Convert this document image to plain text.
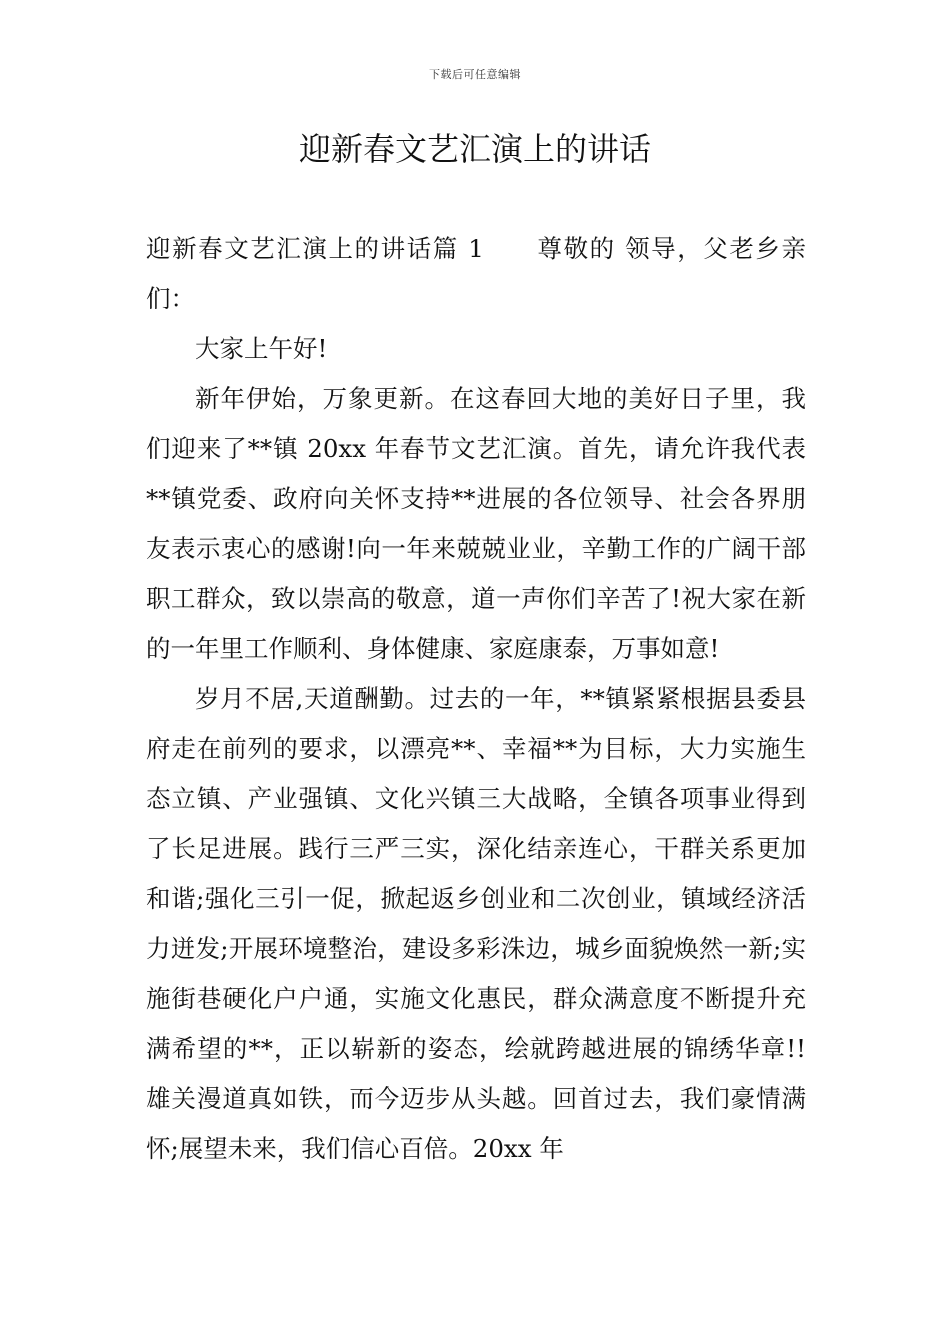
下载后可任意编辑
迎新春文艺汇演上的讲话

迎新春文艺汇演上的讲话篇 1　　尊敬的 领导，父老乡亲们：

大家上午好!

新年伊始，万象更新。在这春回大地的美好日子里，我们迎来了**镇 20xx 年春节文艺汇演。首先，请允许我代表**镇党委、政府向关怀支持**进展的各位领导、社会各界朋友表示衷心的感谢!向一年来兢兢业业，辛勤工作的广阔干部职工群众，致以崇高的敬意，道一声你们辛苦了!祝大家在新的一年里工作顺利、身体健康、家庭康泰，万事如意!

岁月不居,天道酬勤。过去的一年，**镇紧紧根据县委县府走在前列的要求，以漂亮**、幸福**为目标，大力实施生态立镇、产业强镇、文化兴镇三大战略，全镇各项事业得到了长足进展。践行三严三实，深化结亲连心，干群关系更加和谐;强化三引一促，掀起返乡创业和二次创业，镇域经济活力迸发;开展环境整治，建设多彩洙边，城乡面貌焕然一新;实施街巷硬化户户通，实施文化惠民，群众满意度不断提升充满希望的**，正以崭新的姿态，绘就跨越进展的锦绣华章!! 雄关漫道真如铁，而今迈步从头越。回首过去，我们豪情满怀;展望未来，我们信心百倍。20xx 年
